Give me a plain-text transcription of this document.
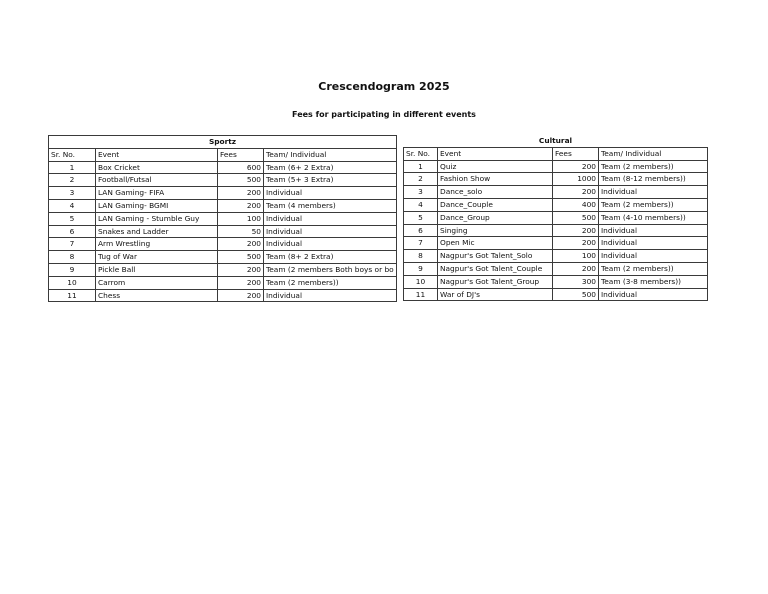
Crescendogram 2025
Fees for participating in different events
Sportz			
Sr. No.	Event	Fees	Team/ Individual
1	Box Cricket	600	Team (6+ 2 Extra)
2	Football/Futsal	500	Team (5+ 3 Extra)
3	LAN Gaming- FIFA	200	Individual
4	LAN Gaming- BGMI	200	Team (4 members)
5	LAN Gaming - Stumble Guy	100	Individual
6	Snakes and Ladder	50	Individual
7	Arm Wrestling	200	Individual
8	Tug of War	500	Team (8+ 2 Extra)
9	Pickle Ball	200	Team (2 members Both boys or bo
10	Carrom	200	Team (2 members))
11	Chess	200	Individual
Cultural			
Sr. No.	Event	Fees	Team/ Individual
1	Quiz	200	Team (2 members))
2	Fashion Show	1000	Team (8-12 members))
3	Dance_solo	200	Individual
4	Dance_Couple	400	Team (2 members))
5	Dance_Group	500	Team (4-10 members))
6	Singing	200	Individual
7	Open Mic	200	Individual
8	Nagpur's Got Talent_Solo	100	Individual
9	Nagpur's Got Talent_Couple	200	Team (2 members))
10	Nagpur's Got Talent_Group	300	Team (3-8 members))
11	War of DJ's	500	Individual
